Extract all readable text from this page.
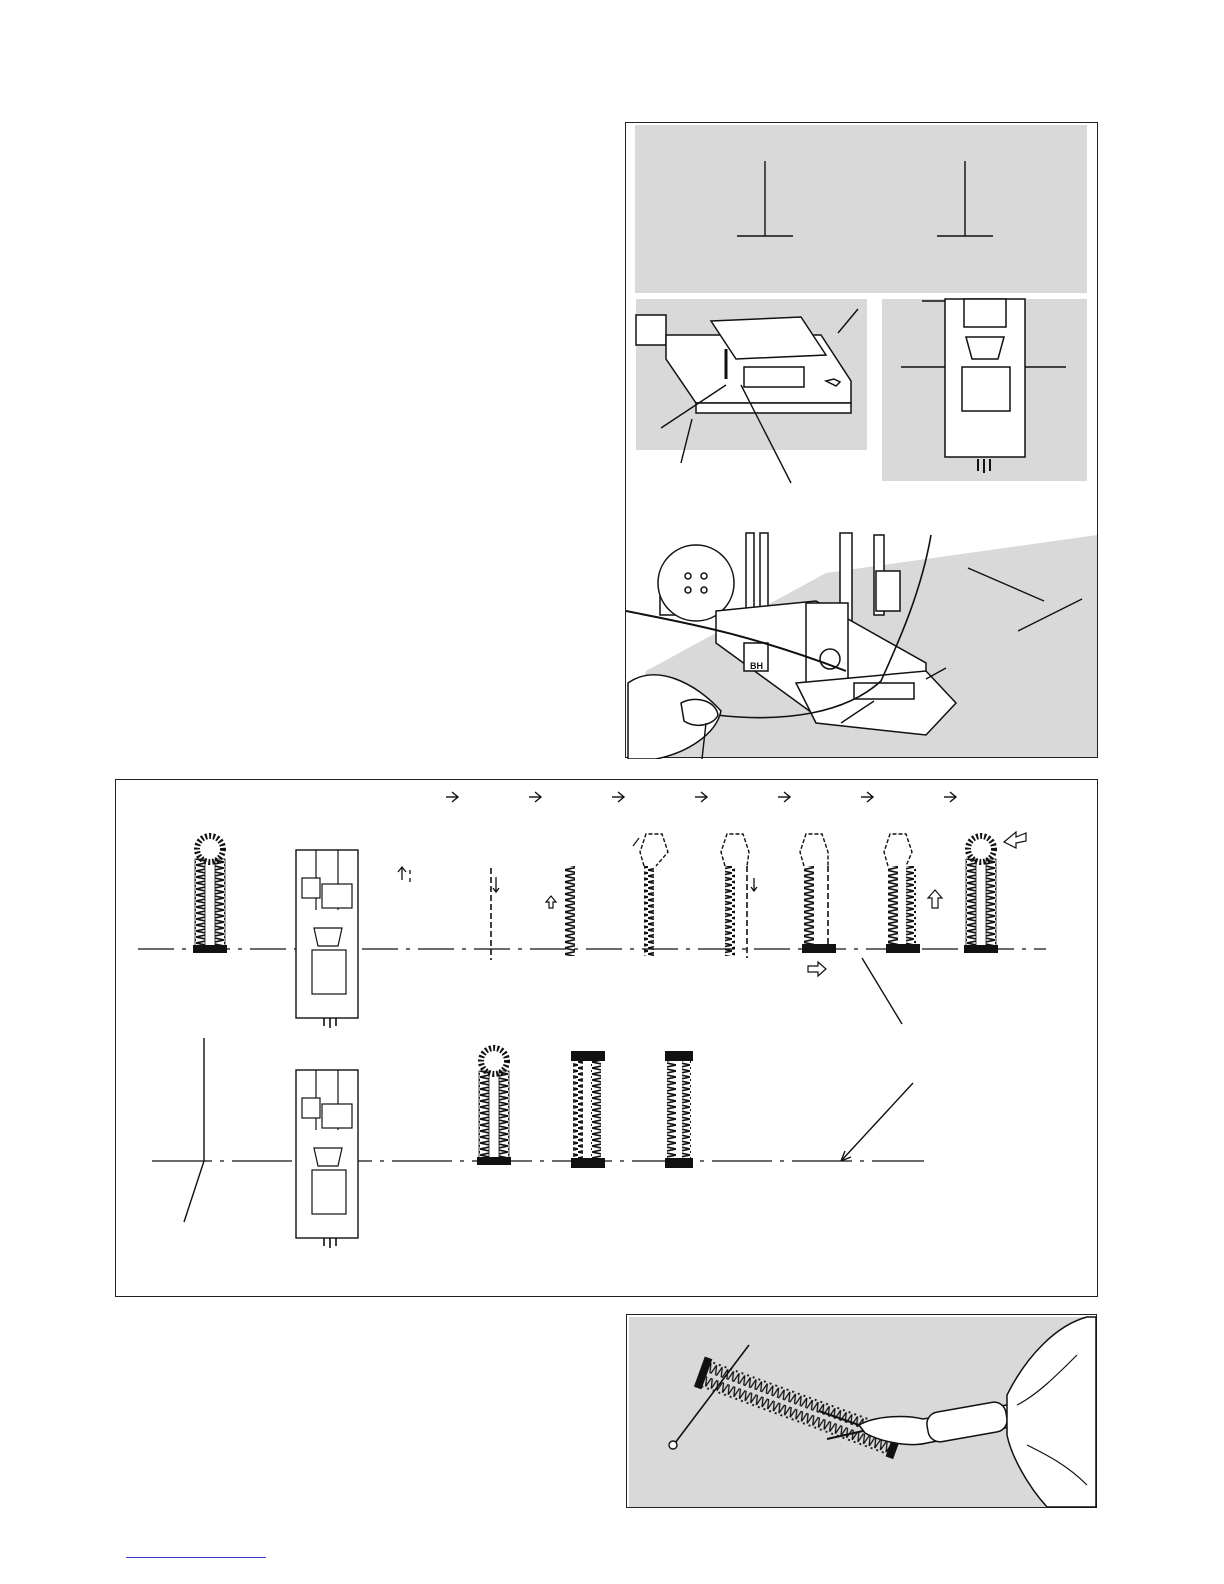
BH
